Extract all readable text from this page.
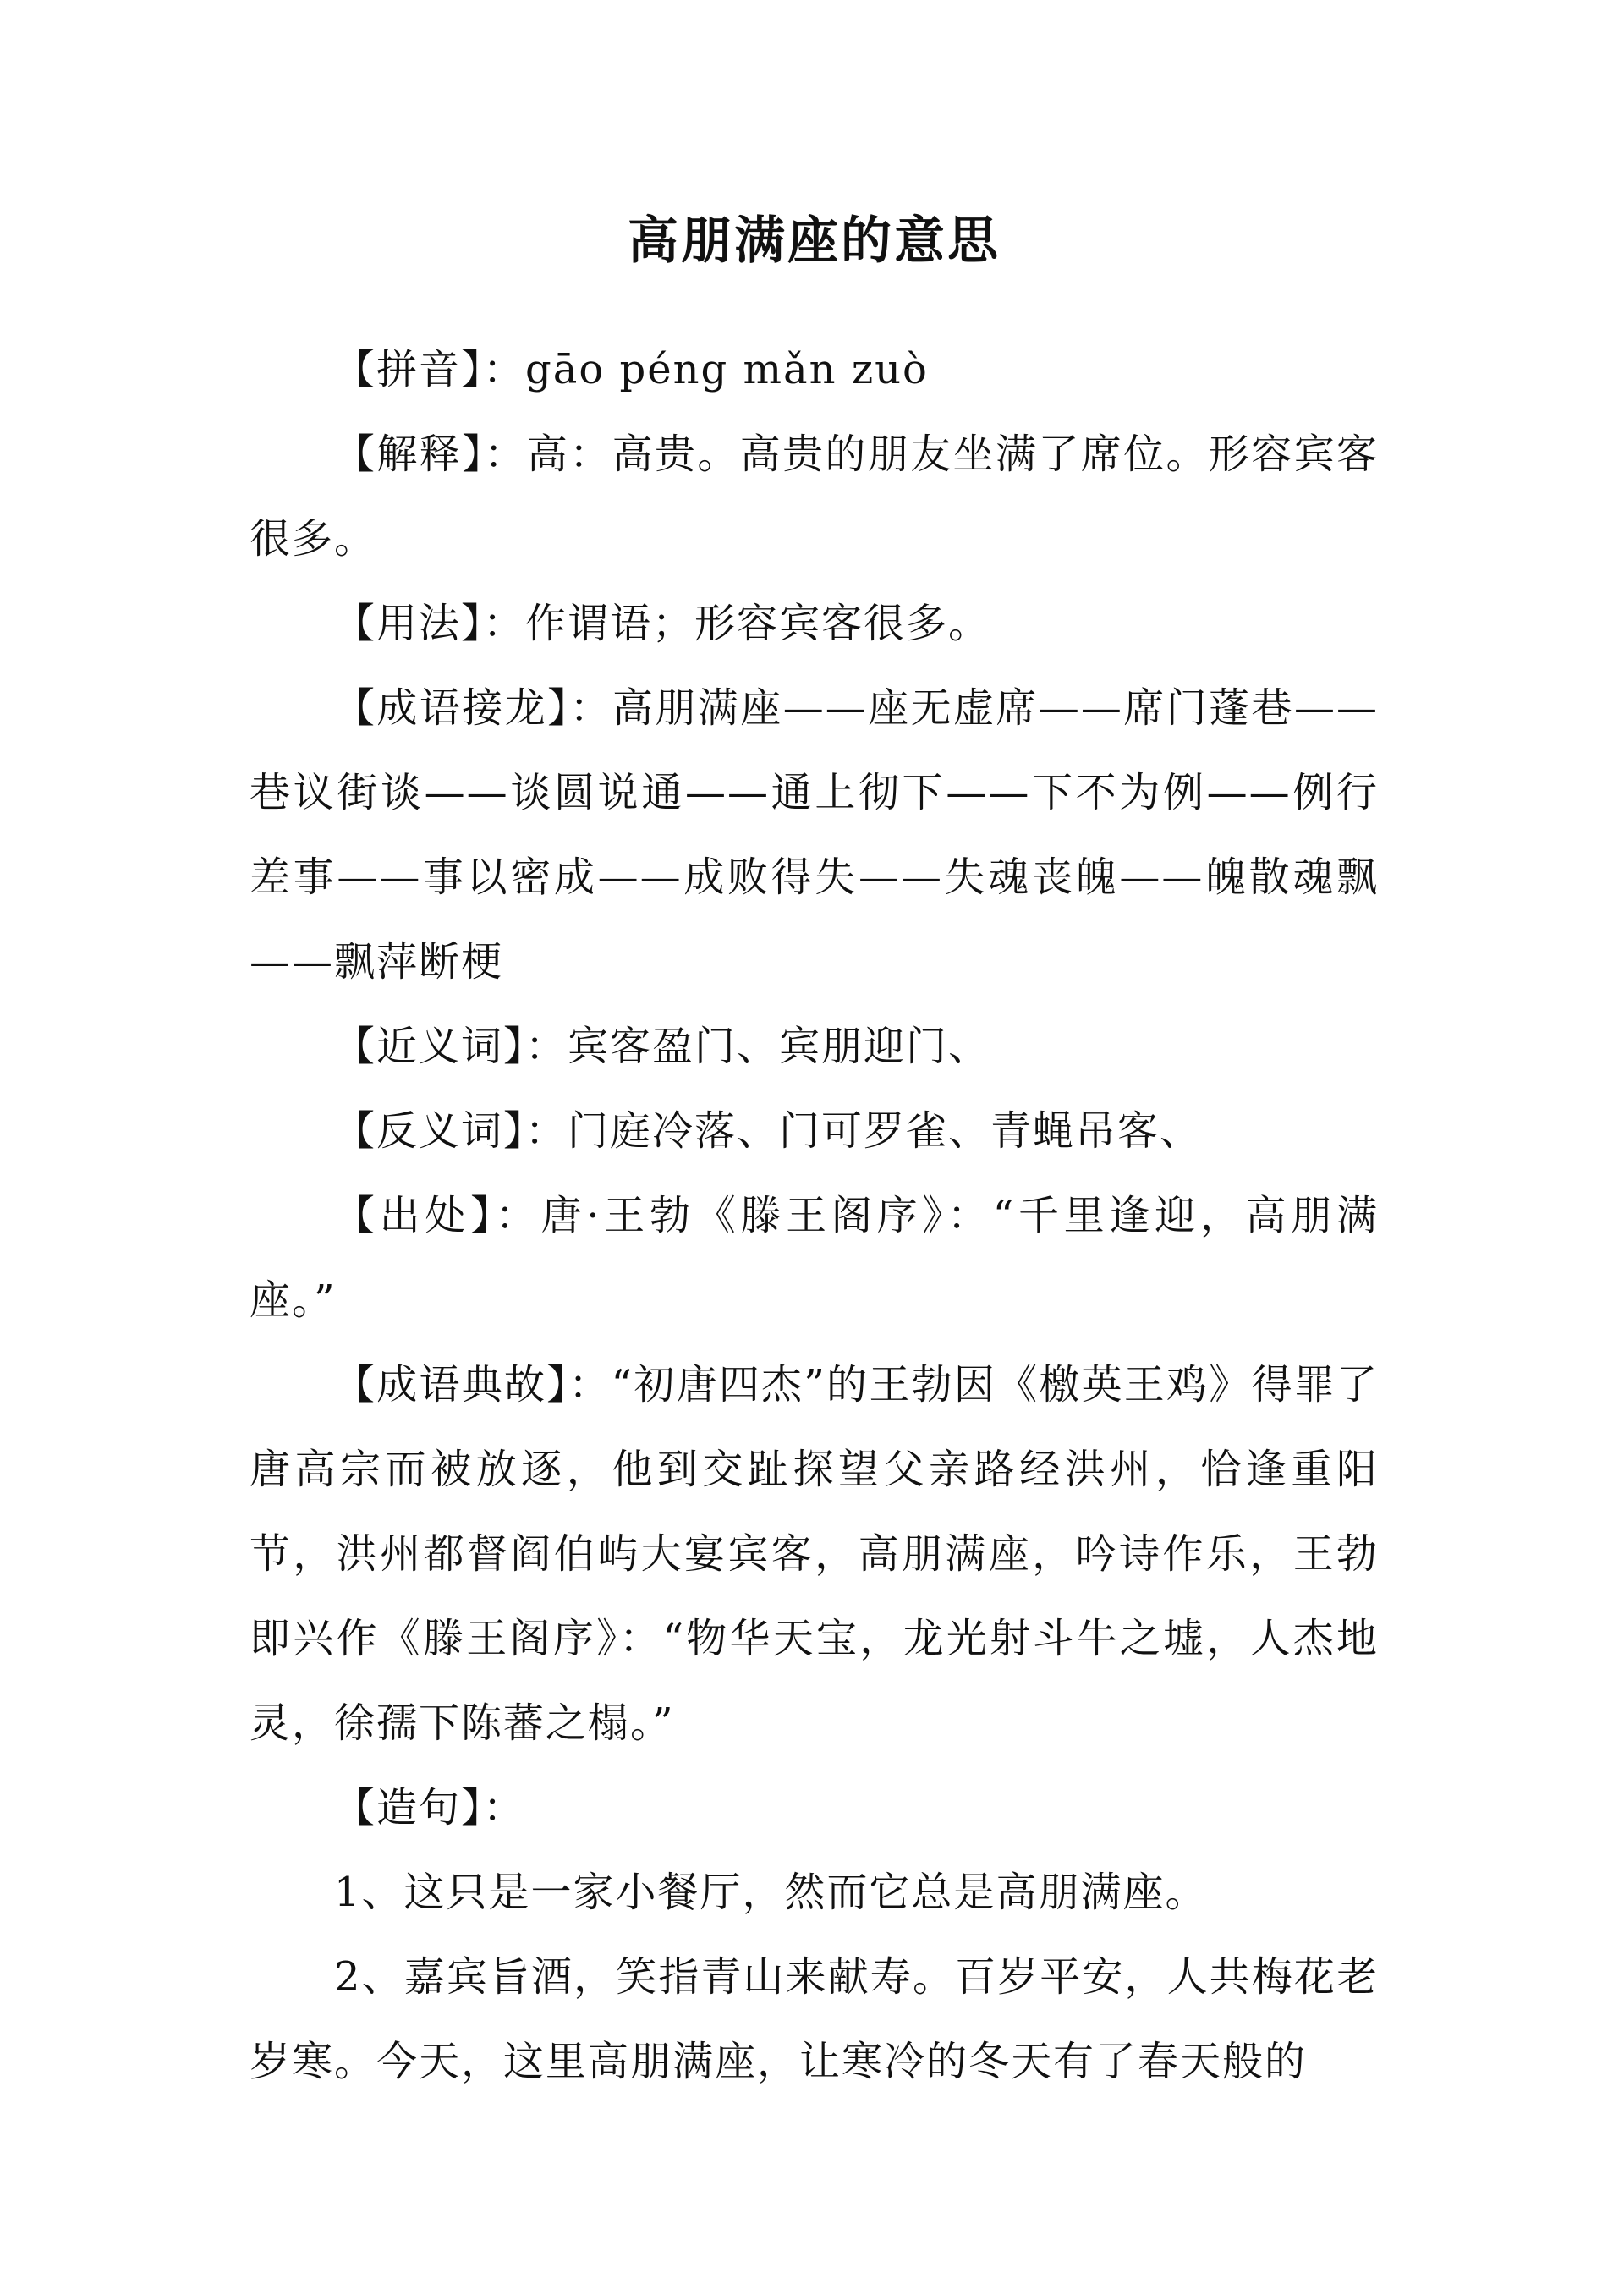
高朋满座的意思

【拼音】：gāo péng mǎn zuò

【解释】：高：高贵。高贵的朋友坐满了席位。形容宾客很多。

【用法】：作谓语；形容宾客很多。

【成语接龙】：高朋满座——座无虚席——席门蓬巷——巷议街谈——谈圆说通——通上彻下——下不为例——例行差事——事以密成——成败得失——失魂丧魄——魄散魂飘——飘萍断梗

【近义词】：宾客盈门、宾朋迎门、

【反义词】：门庭冷落、门可罗雀、青蝇吊客、

【出处】：唐·王勃《滕王阁序》：“千里逢迎，高朋满座。”

【成语典故】：“初唐四杰”的王勃因《檄英王鸡》得罪了唐高宗而被放逐，他到交趾探望父亲路经洪州，恰逢重阳节，洪州都督阎伯屿大宴宾客，高朋满座，吟诗作乐，王勃即兴作《滕王阁序》：“物华天宝，龙光射斗牛之墟，人杰地灵，徐孺下陈蕃之榻。”

【造句】：

1、这只是一家小餐厅，然而它总是高朋满座。

2、嘉宾旨酒，笑指青山来献寿。百岁平安，人共梅花老岁寒。今天，这里高朋满座，让寒冷的冬天有了春天般的
